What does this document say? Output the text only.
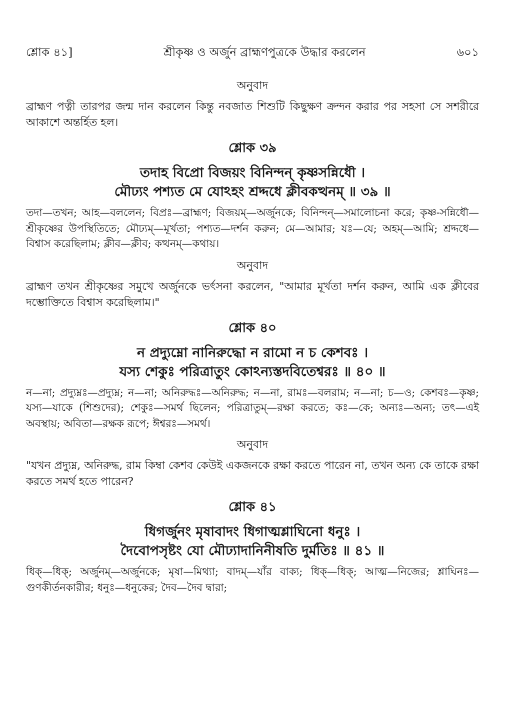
শ্লোক ৪১]	শ্রীকৃষ্ণ ও অর্জুন ব্রাহ্মণপুত্রকে উদ্ধার করলেন	৬০১
অনুবাদ

ব্রাহ্মণ পত্নী তারপর জন্ম দান করলেন কিন্তু নবজাত শিশুটি কিছুক্ষণ ক্রন্দন করার পর সহসা সে সশরীরে আকাশে অন্তর্হিত হল।

শ্লোক ৩৯
তদাহ বিপ্রো বিজয়ং বিনিন্দন্‌ কৃষ্ণসন্নিধৌ ।
মৌঢ্যং পশ্যত মে যোঽহং শ্রদ্দধে ক্লীবকত্থনম্‌ ॥ ৩৯ ॥

তদা—তখন; আহ—বললেন; বিপ্রঃ—ব্রাহ্মণ; বিজয়ম্‌—অর্জুনকে; বিনিন্দন্‌—সমালোচনা করে; কৃষ্ণ-সন্নিধৌ—শ্রীকৃষ্ণের উপস্থিতিতে; মৌঢ্যম্‌—মূর্খতা; পশ্যত—দর্শন করুন; মে—আমার; যঃ—যে; অহম্‌—আমি; শ্রদ্দধে—বিশ্বাস করেছিলাম; ক্লীব—ক্লীব; কত্থনম্‌—কথায়।

অনুবাদ

ব্রাহ্মণ তখন শ্রীকৃষ্ণের সমুখে অর্জুনকে ভর্ৎসনা করলেন, "আমার মূর্খতা দর্শন করুন, আমি এক ক্লীবের দম্ভোক্তিতে বিশ্বাস করেছিলাম।"

শ্লোক ৪০
ন প্রদ্যুম্নো নানিরুদ্ধো ন রামো ন চ কেশবঃ ।
যস্য শেকুঃ পরিত্রাতুং কোঽন্যস্তদবিতেশ্বরঃ ॥ ৪০ ॥

ন—না; প্রদ্যুম্নঃ—প্রদ্যুম্ন; ন—না; অনিরুদ্ধঃ—অনিরুদ্ধ; ন—না, রামঃ—বলরাম; ন—না; চ—ও; কেশবঃ—কৃষ্ণ; যস্য—যাকে (শিশুদের); শেকুঃ—সমর্থ ছিলেন; পরিত্রাতুম্‌—রক্ষা করতে; কঃ—কে; অন্যঃ—অন্য; তৎ—এই অবস্থায়; অবিতা—রক্ষক রূপে; ঈশ্বরঃ—সমর্থ।

অনুবাদ

"যখন প্রদ্যুম্ন, অনিরুদ্ধ, রাম কিম্বা কেশব কেউই একজনকে রক্ষা করতে পারেন না, তখন অন্য কে তাকে রক্ষা করতে সমর্থ হতে পারেন?

শ্লোক ৪১
ধিগর্জুনং মৃষাবাদং ধিগাত্মশ্লাঘিনো ধনুঃ ।
দৈবোপসৃষ্টং যো মৌঢ্যাদানিনীষতি দুর্মতিঃ ॥ ৪১ ॥

ধিক্‌—ধিক্‌; অর্জুনম্‌—অর্জুনকে; মৃষা—মিথ্যা; বাদম্‌—যাঁর বাক্য; ধিক্‌—ধিক্‌; আত্ম—নিজের; শ্লাঘিনঃ—গুণকীর্তনকারীর; ধনুঃ—ধনুকের; দৈব—দৈব দ্বারা;
